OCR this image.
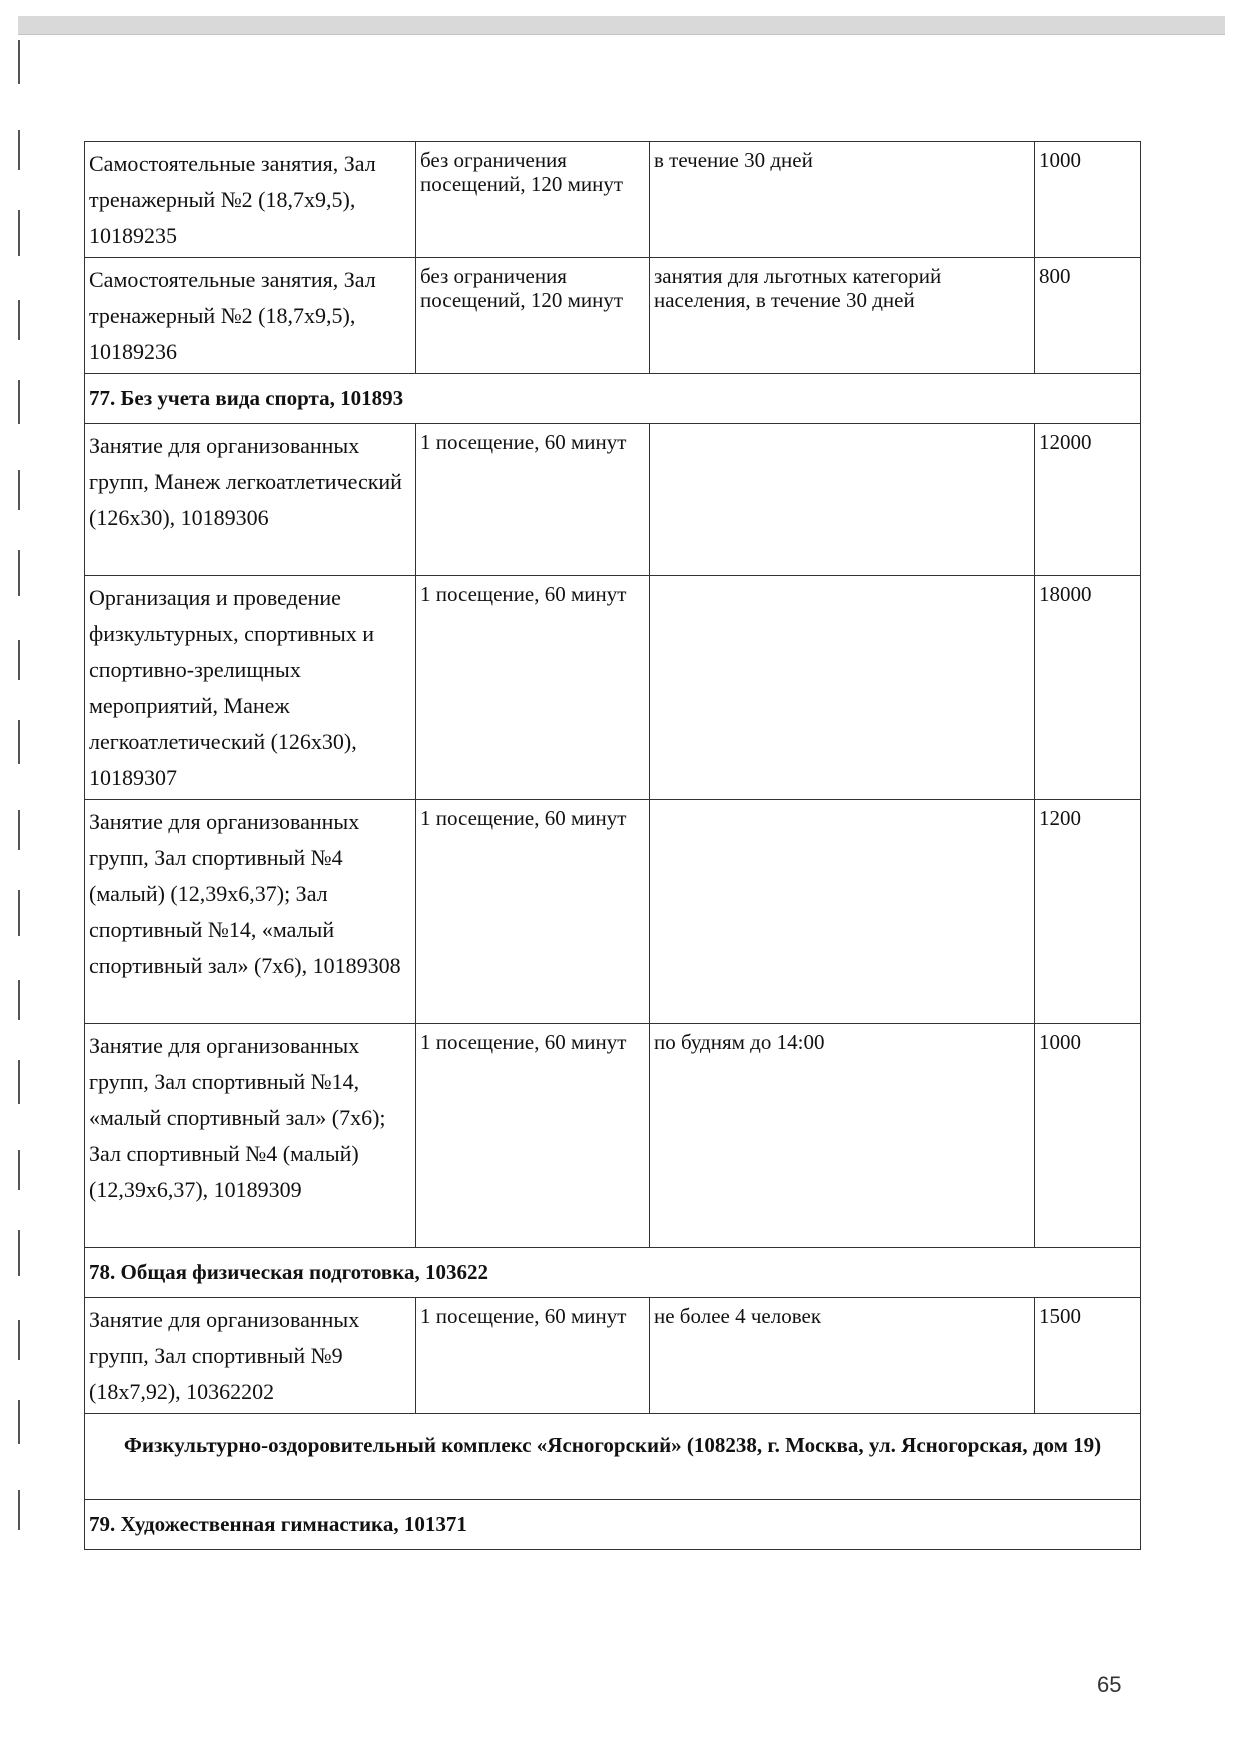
Самостоятельные занятия, Зал тренажерный №2 (18,7х9,5), 10189235	без ограничения посещений, 120 минут	в течение 30 дней	1000
Самостоятельные занятия, Зал тренажерный №2 (18,7х9,5), 10189236	без ограничения посещений, 120 минут	занятия для льготных категорий населения, в течение 30 дней	800
77. Без учета вида спорта, 101893			
Занятие для организованных групп, Манеж легкоатлетический (126х30), 10189306	1 посещение, 60 минут		12000
Организация и проведение физкультурных, спортивных и спортивно-зрелищных мероприятий, Манеж легкоатлетический (126х30), 10189307	1 посещение, 60 минут		18000
Занятие для организованных групп, Зал спортивный №4 (малый) (12,39х6,37); Зал спортивный №14, «малый спортивный зал» (7х6), 10189308	1 посещение, 60 минут		1200
Занятие для организованных групп, Зал спортивный №14, «малый спортивный зал» (7х6); Зал спортивный №4 (малый) (12,39х6,37), 10189309	1 посещение, 60 минут	по будням до 14:00	1000
78. Общая физическая подготовка, 103622			
Занятие для организованных групп, Зал спортивный №9 (18х7,92), 10362202	1 посещение, 60 минут	не более 4 человек	1500
Физкультурно-оздоровительный комплекс «Ясногорский» (108238, г. Москва, ул. Ясногорская, дом 19)			
79. Художественная гимнастика, 101371			
65
